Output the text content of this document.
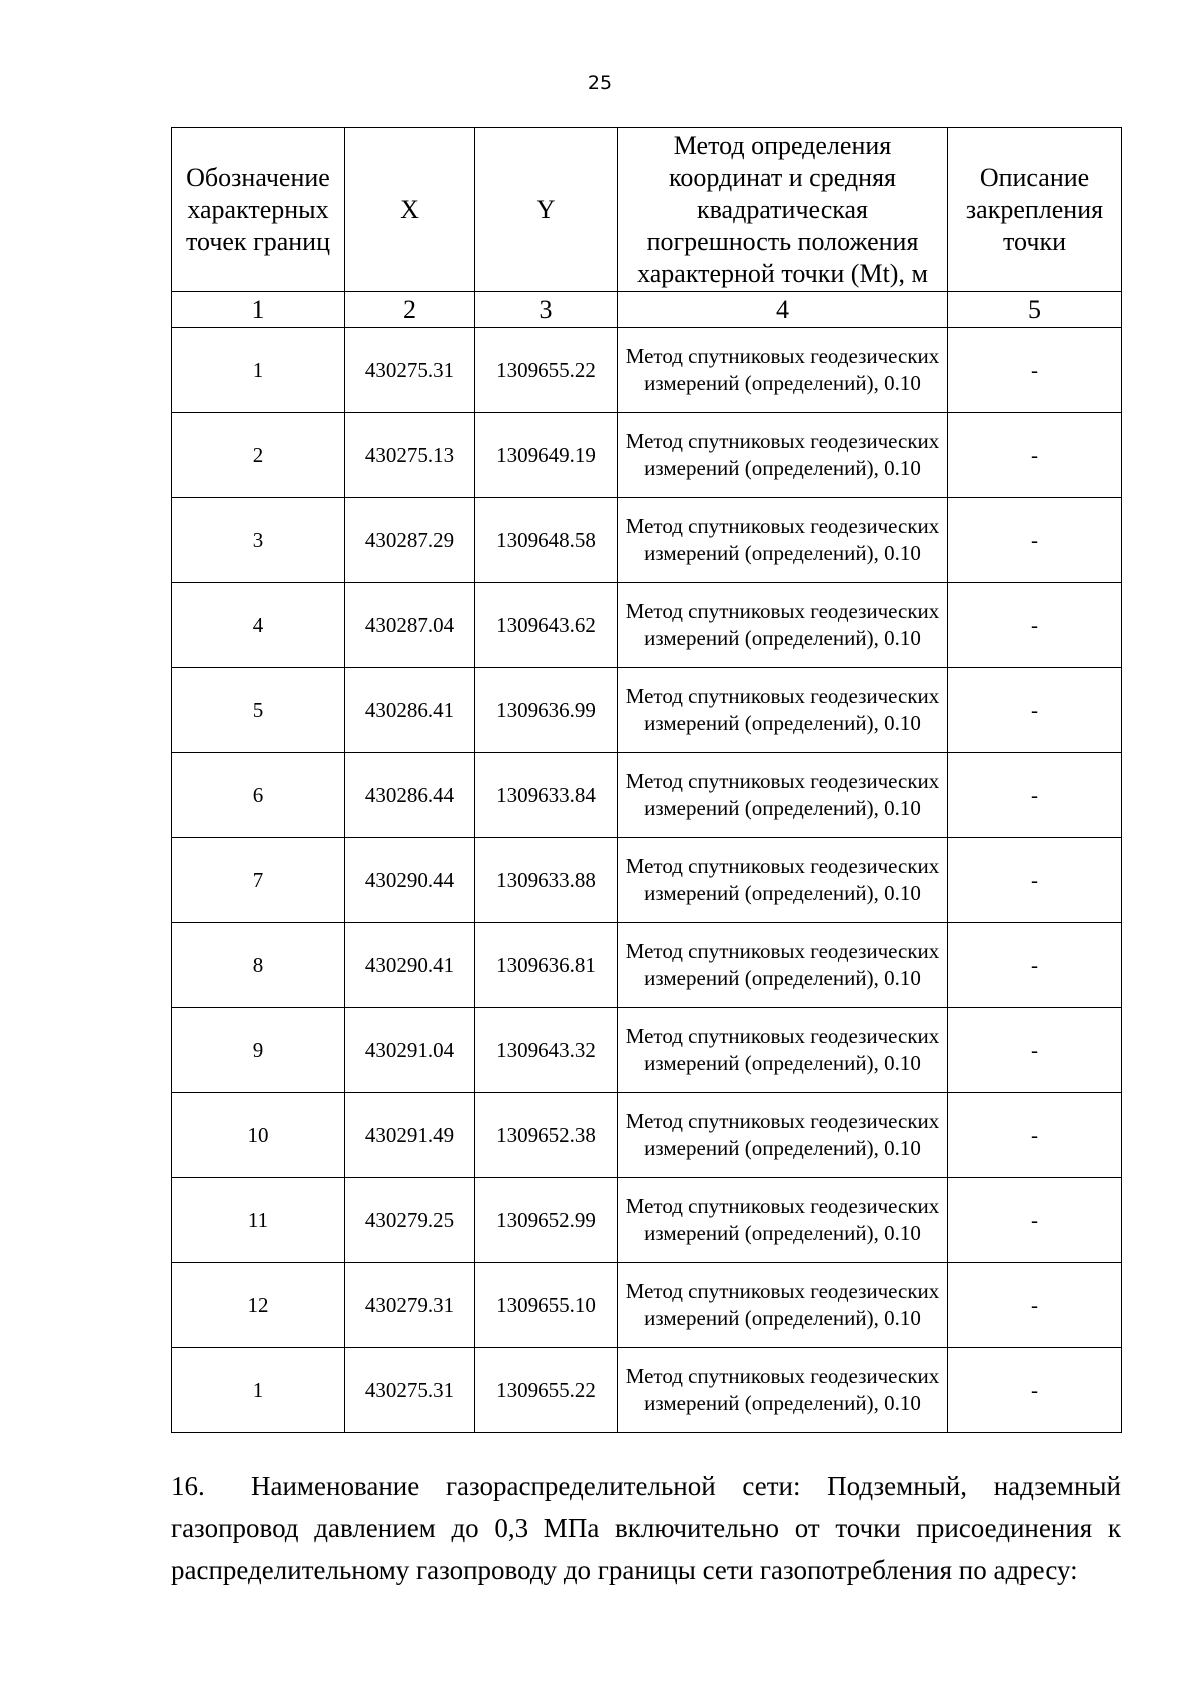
25
Обозначение характерных точек границ	X	Y	Метод определения координат и средняя квадратическая погрешность положения характерной точки (Mt), м	Описание закрепления точки
1	2	3	4	5
1	430275.31	1309655.22	Метод спутниковых геодезических измерений (определений), 0.10	-
2	430275.13	1309649.19	Метод спутниковых геодезических измерений (определений), 0.10	-
3	430287.29	1309648.58	Метод спутниковых геодезических измерений (определений), 0.10	-
4	430287.04	1309643.62	Метод спутниковых геодезических измерений (определений), 0.10	-
5	430286.41	1309636.99	Метод спутниковых геодезических измерений (определений), 0.10	-
6	430286.44	1309633.84	Метод спутниковых геодезических измерений (определений), 0.10	-
7	430290.44	1309633.88	Метод спутниковых геодезических измерений (определений), 0.10	-
8	430290.41	1309636.81	Метод спутниковых геодезических измерений (определений), 0.10	-
9	430291.04	1309643.32	Метод спутниковых геодезических измерений (определений), 0.10	-
10	430291.49	1309652.38	Метод спутниковых геодезических измерений (определений), 0.10	-
11	430279.25	1309652.99	Метод спутниковых геодезических измерений (определений), 0.10	-
12	430279.31	1309655.10	Метод спутниковых геодезических измерений (определений), 0.10	-
1	430275.31	1309655.22	Метод спутниковых геодезических измерений (определений), 0.10	-
16. Наименование газораспределительной сети: Подземный, надземный газопровод давлением до 0,3 МПа включительно от точки присоединения к распределительному газопроводу до границы сети газопотребления по адресу:
